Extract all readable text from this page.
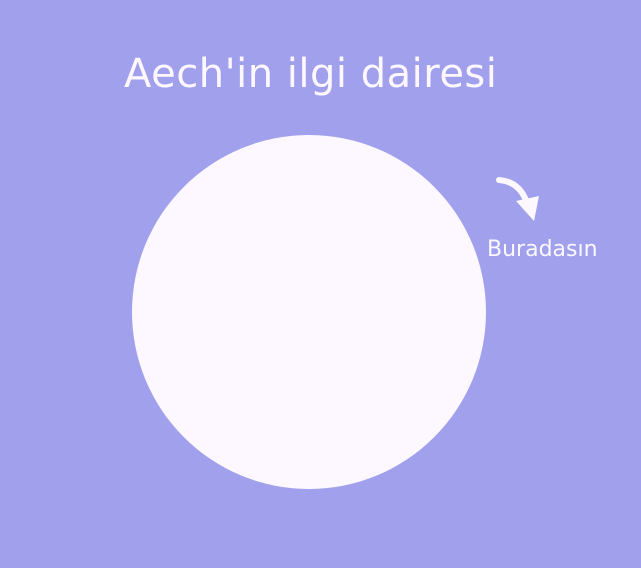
Aech'in ilgi dairesi
Buradasın
